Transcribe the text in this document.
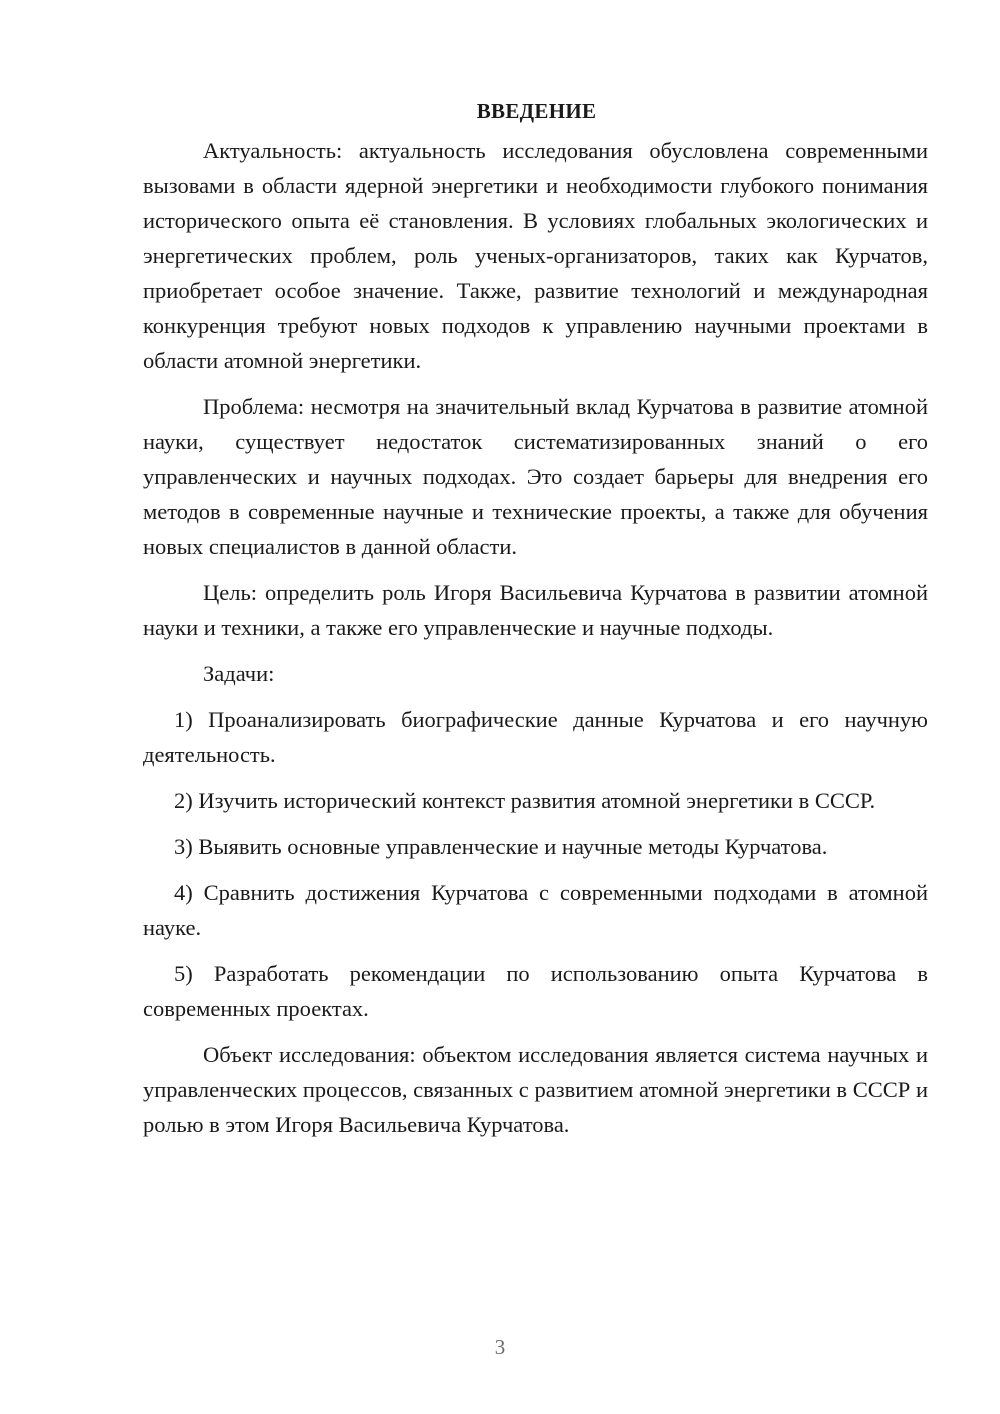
ВВЕДЕНИЕ

Актуальность: актуальность исследования обусловлена современными вызовами в области ядерной энергетики и необходимости глубокого понимания исторического опыта её становления. В условиях глобальных экологических и энергетических проблем, роль ученых-организаторов, таких как Курчатов, приобретает особое значение. Также, развитие технологий и международная конкуренция требуют новых подходов к управлению научными проектами в области атомной энергетики.

Проблема: несмотря на значительный вклад Курчатова в развитие атомной науки, существует недостаток систематизированных знаний о его управленческих и научных подходах. Это создает барьеры для внедрения его методов в современные научные и технические проекты, а также для обучения новых специалистов в данной области.

Цель: определить роль Игоря Васильевича Курчатова в развитии атомной науки и техники, а также его управленческие и научные подходы.

Задачи:

1) Проанализировать биографические данные Курчатова и его научную деятельность.

2) Изучить исторический контекст развития атомной энергетики в СССР.

3) Выявить основные управленческие и научные методы Курчатова.

4) Сравнить достижения Курчатова с современными подходами в атомной науке.

5) Разработать рекомендации по использованию опыта Курчатова в современных проектах.

Объект исследования: объектом исследования является система научных и управленческих процессов, связанных с развитием атомной энергетики в СССР и ролью в этом Игоря Васильевича Курчатова.

3
